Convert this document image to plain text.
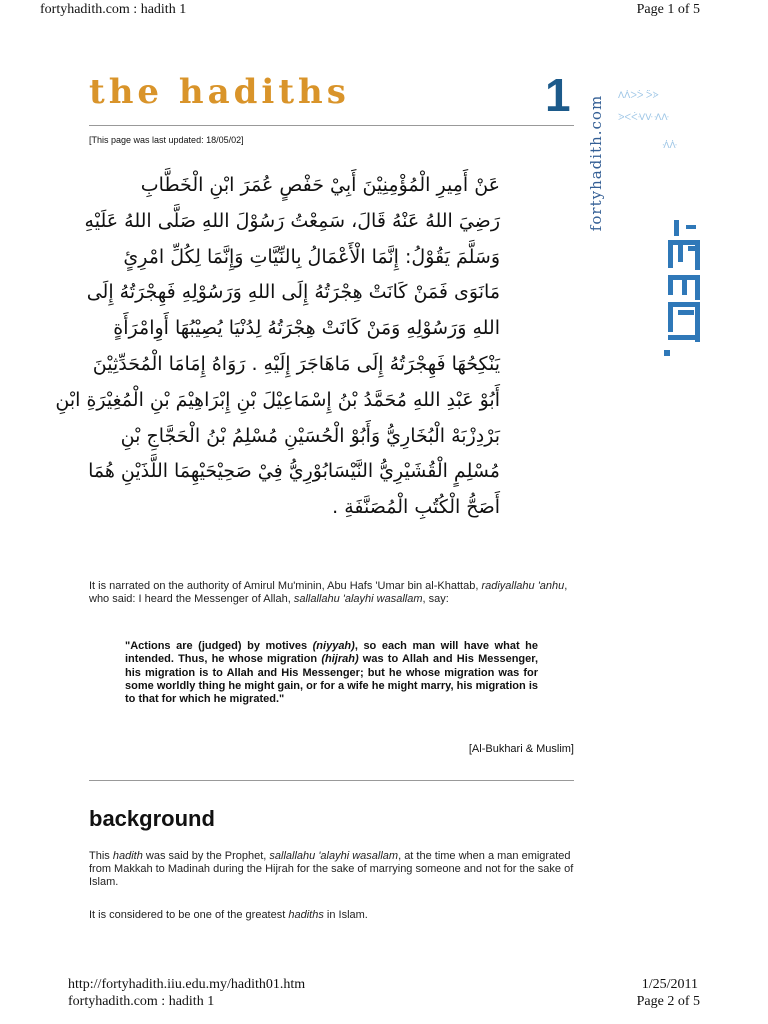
fortyhadith.com : hadith 1	Page 1 of 5
the hadiths	1 fortyhadith.com ᐱᐲᐳᐴ ᐵᐶ
ᐷᐸᐹᐺᐻ ᐼᐽ
ᐾᐿ
[This page was last updated: 18/05/02]
عَنْ أَمِيرِ الْمُؤْمِنِيْنَ أَبِيْ حَفْصٍ عُمَرَ ابْنِ الْخَطَّابِ
رَضِيَ اللهُ عَنْهُ قَالَ، سَمِعْتُ رَسُوْلَ اللهِ صَلَّى اللهُ عَلَيْهِ
وَسَلَّمَ يَقُوْلُ: إِنَّمَا الْأَعْمَالُ بِالنِّيَّاتِ وَإِنَّمَا لِكُلِّ امْرِئٍ
مَانَوَى فَمَنْ كَانَتْ هِجْرَتُهُ إِلَى اللهِ وَرَسُوْلِهِ فَهِجْرَتُهُ إِلَى
اللهِ وَرَسُوْلِهِ وَمَنْ كَانَتْ هِجْرَتُهُ لِدُنْيَا يُصِيْبُهَا أَوِامْرَأَةٍ
يَنْكِحُهَا فَهِجْرَتُهُ إِلَى مَاهَاجَرَ إِلَيْهِ . رَوَاهُ إِمَامَا الْمُحَدِّثِيْنَ
أَبُوْ عَبْدِ اللهِ مُحَمَّدُ بْنُ إِسْمَاعِيْلَ بْنِ إِبْرَاهِيْمَ بْنِ الْمُغِيْرَةِ ابْنِ
بَرْدِزْبَهْ الْبُخَارِيُّ وَأَبُوْ الْحُسَيْنِ مُسْلِمُ بْنُ الْحَجَّاجِ بْنِ
مُسْلِمٍ الْقُشَيْرِيُّ النَّيْسَابُوْرِيُّ فِيْ صَحِيْحَيْهِمَا اللَّذَيْنِ هُمَا
أَصَحُّ الْكُتُبِ الْمُصَنَّفَةِ .

It is narrated on the authority of Amirul Mu'minin, Abu Hafs 'Umar bin al-Khattab, radiyallahu 'anhu, who said: I heard the Messenger of Allah, sallallahu 'alayhi wasallam, say:

"Actions are (judged) by motives (niyyah), so each man will have what he intended. Thus, he whose migration (hijrah) was to Allah and His Messenger, his migration is to Allah and His Messenger; but he whose migration was for some worldly thing he might gain, or for a wife he might marry, his migration is to that for which he migrated."

[Al-Bukhari & Muslim]
background

This hadith was said by the Prophet, sallallahu 'alayhi wasallam, at the time when a man emigrated from Makkah to Madinah during the Hijrah for the sake of marrying someone and not for the sake of Islam.

It is considered to be one of the greatest hadiths in Islam.

http://fortyhadith.iiu.edu.my/hadith01.htm	1/25/2011
fortyhadith.com : hadith 1	Page 2 of 5
